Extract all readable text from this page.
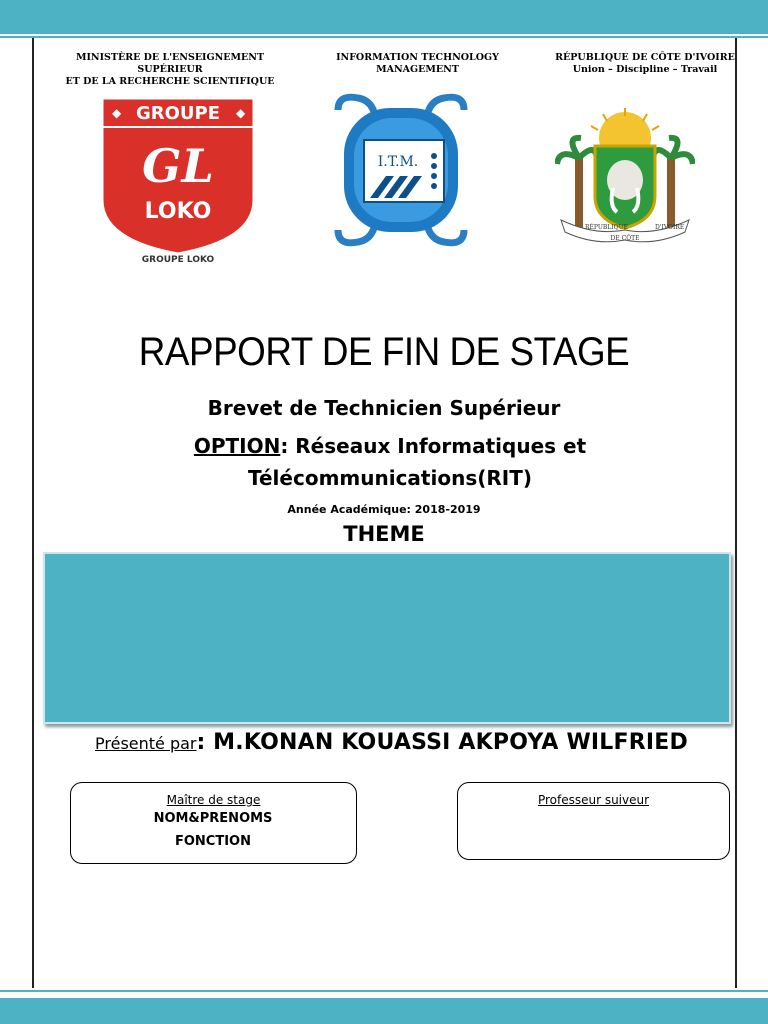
MINISTÈRE DE L'ENSEIGNEMENT SUPÉRIEUR
ET DE LA RECHERCHE SCIENTIFIQUE
INFORMATION TECHNOLOGY MANAGEMENT
RÉPUBLIQUE DE CÔTE D'IVOIRE
Union – Discipline – Travail
GROUPE
◆	◆
GL
LOKO
GROUPE LOKO
I.T.M.
RÉPUBLIQUE
DE CÔTE
D'IVOIRE
RAPPORT DE FIN DE STAGE
Brevet de Technicien Supérieur
OPTION: Réseaux Informatiques et Télécommunications(RIT)
Année Académique: 2018-2019
THEME
Présenté par: M.KONAN KOUASSI AKPOYA WILFRIED
Maître de stage
NOM&PRENOMS
FONCTION
Professeur suiveur
